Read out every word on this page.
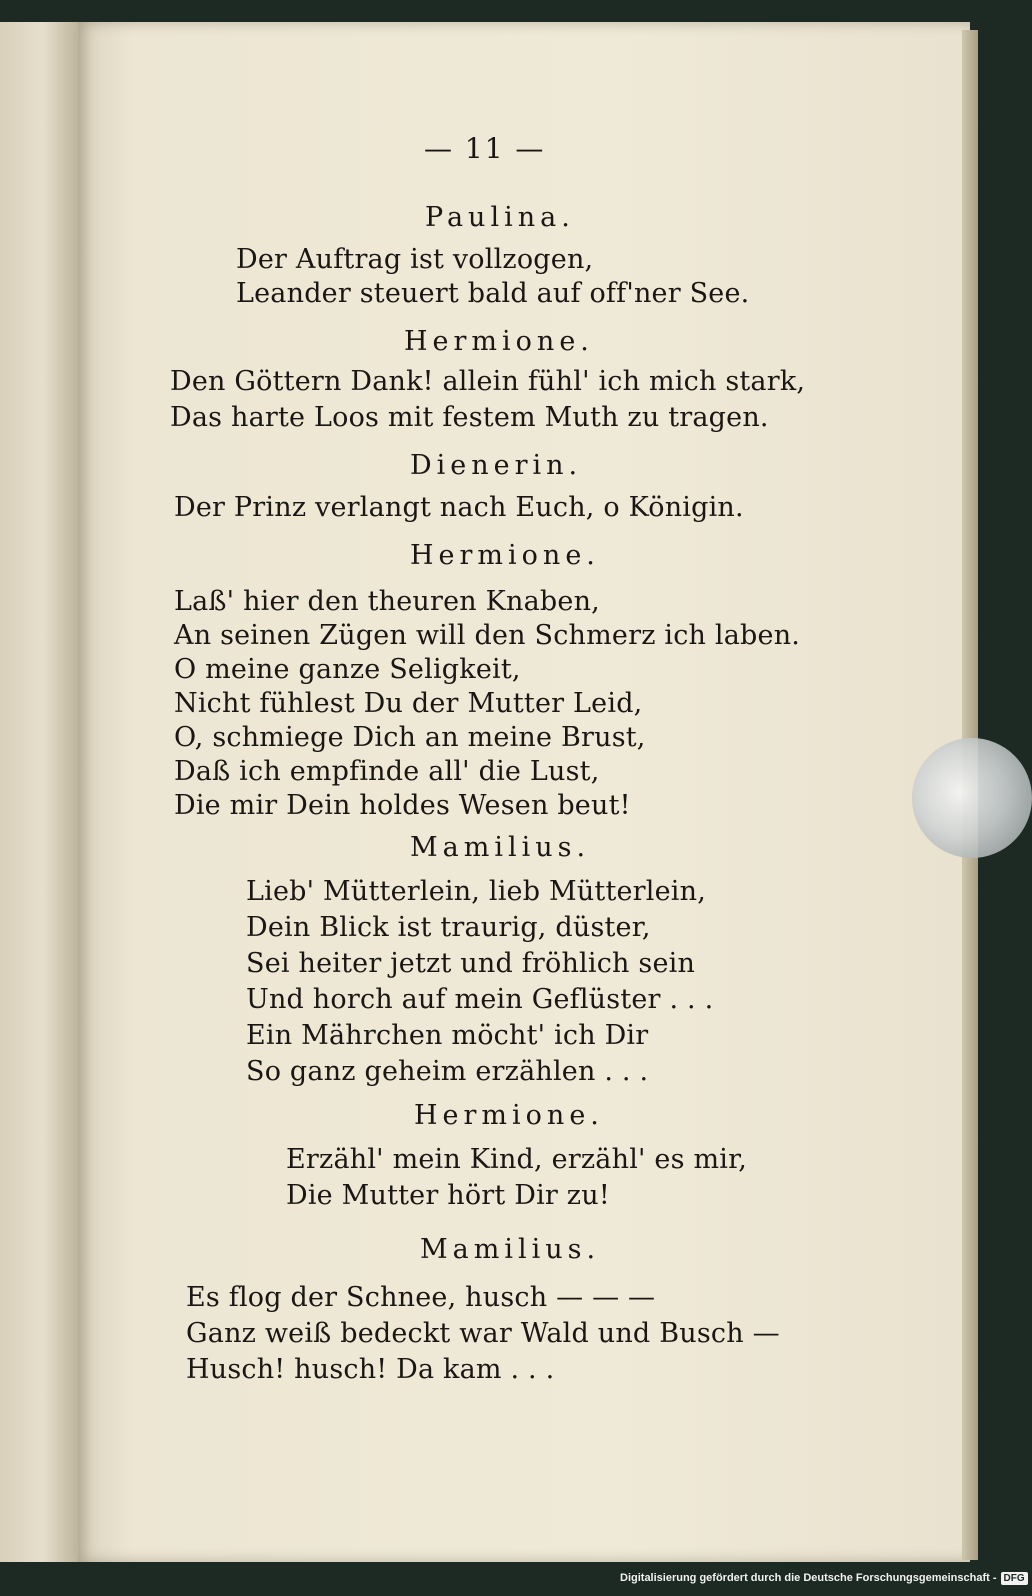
— 11 —
Paulina.
Der Auftrag ist vollzogen,
Leander steuert bald auf off'ner See.
Hermione.
Den Göttern Dank! allein fühl' ich mich stark,
Das harte Loos mit festem Muth zu tragen.
Dienerin.
Der Prinz verlangt nach Euch, o Königin.
Hermione.
Laß' hier den theuren Knaben,
An seinen Zügen will den Schmerz ich laben.
O meine ganze Seligkeit,
Nicht fühlest Du der Mutter Leid,
O, schmiege Dich an meine Brust,
Daß ich empfinde all' die Lust,
Die mir Dein holdes Wesen beut!
Mamilius.
Lieb' Mütterlein, lieb Mütterlein,
Dein Blick ist traurig, düster,
Sei heiter jetzt und fröhlich sein
Und horch auf mein Geflüster . . .
Ein Mährchen möcht' ich Dir
So ganz geheim erzählen . . .
Hermione.
Erzähl' mein Kind, erzähl' es mir,
Die Mutter hört Dir zu!
Mamilius.
Es flog der Schnee, husch — — —
Ganz weiß bedeckt war Wald und Busch —
Husch! husch! Da kam . . .
Digitalisierung gefördert durch die Deutsche Forschungsgemeinschaft - DFG
